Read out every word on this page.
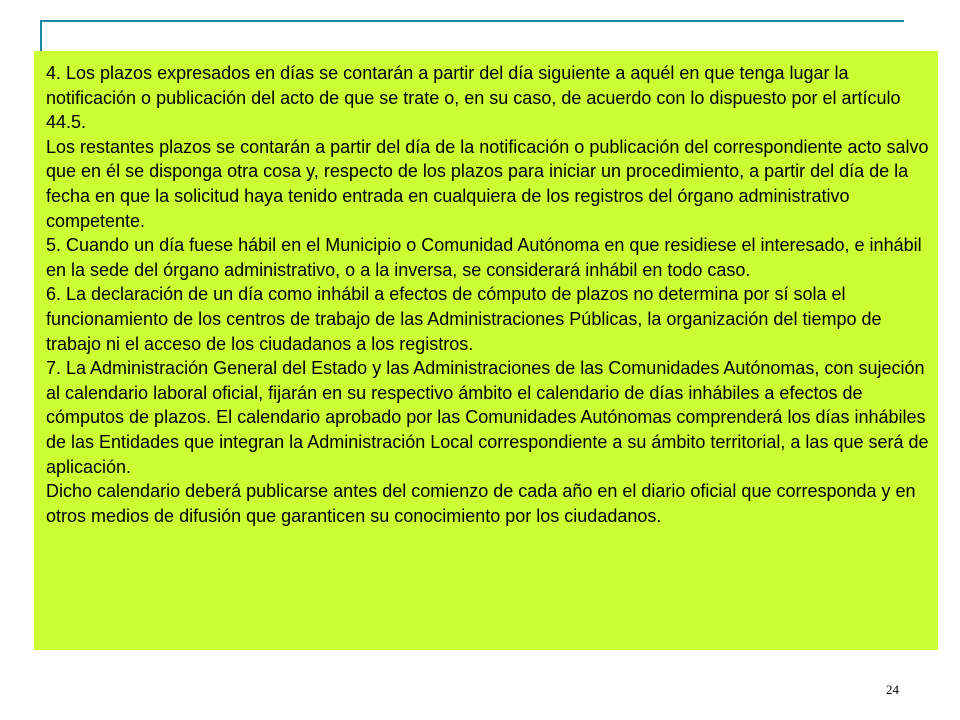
4. Los plazos expresados en días se contarán a partir del día siguiente a aquél en que tenga lugar la notificación o publicación del acto de que se trate o, en su caso, de acuerdo con lo dispuesto por el artículo 44.5.
Los restantes plazos se contarán a partir del día de la notificación o publicación del correspondiente acto salvo que en él se disponga otra cosa y, respecto de los plazos para iniciar un procedimiento, a partir del día de la fecha en que la solicitud haya tenido entrada en cualquiera de los registros del órgano administrativo competente.
5. Cuando un día fuese hábil en el Municipio o Comunidad Autónoma en que residiese el interesado, e inhábil en la sede del órgano administrativo, o a la inversa, se considerará inhábil en todo caso.
6. La declaración de un día como inhábil a efectos de cómputo de plazos no determina por sí sola el funcionamiento de los centros de trabajo de las Administraciones Públicas, la organización del tiempo de trabajo ni el acceso de los ciudadanos a los registros.
7. La Administración General del Estado y las Administraciones de las Comunidades Autónomas, con sujeción al calendario laboral oficial, fijarán en su respectivo ámbito el calendario de días inhábiles a efectos de cómputos de plazos. El calendario aprobado por las Comunidades Autónomas comprenderá los días inhábiles de las Entidades que integran la Administración Local correspondiente a su ámbito territorial, a las que será de aplicación.
Dicho calendario deberá publicarse antes del comienzo de cada año en el diario oficial que corresponda y en otros medios de difusión que garanticen su conocimiento por los ciudadanos.
24
